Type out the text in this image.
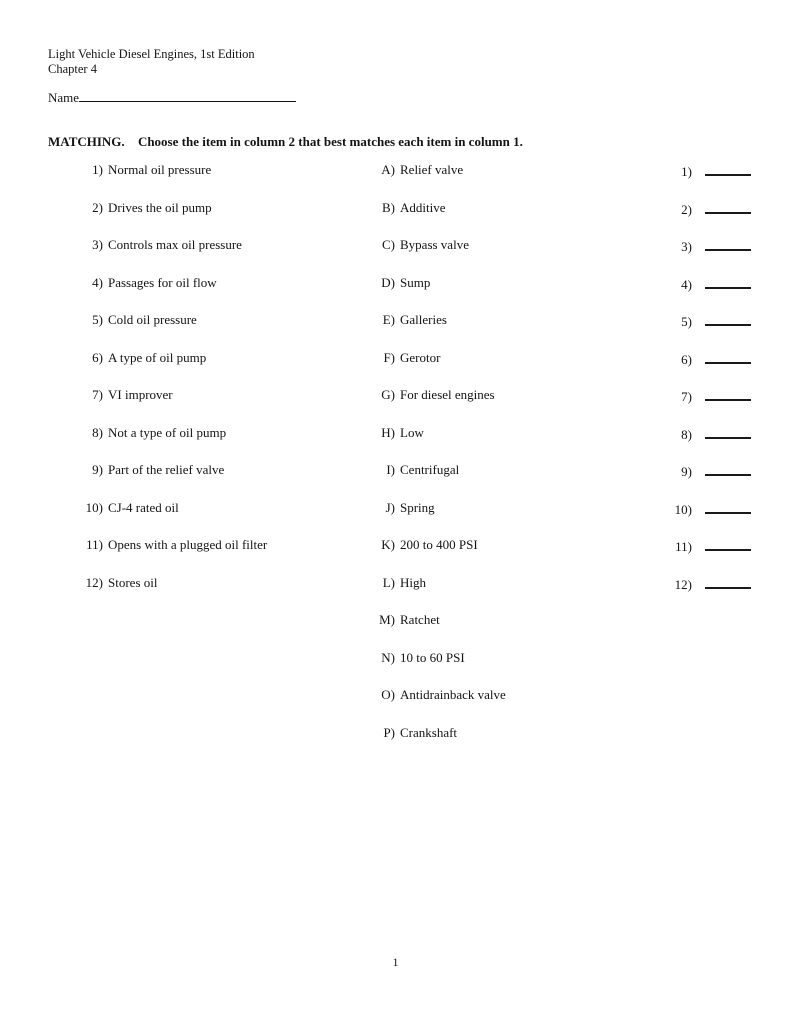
Light Vehicle Diesel Engines, 1st Edition
Chapter 4
Name
MATCHING. Choose the item in column 2 that best matches each item in column 1.
1) Normal oil pressure	A) Relief valve	1)
2) Drives the oil pump	B) Additive	2)
3) Controls max oil pressure	C) Bypass valve	3)
4) Passages for oil flow	D) Sump	4)
5) Cold oil pressure	E) Galleries	5)
6) A type of oil pump	F) Gerotor	6)
7) VI improver	G) For diesel engines	7)
8) Not a type of oil pump	H) Low	8)
9) Part of the relief valve	I) Centrifugal	9)
10) CJ-4 rated oil	J) Spring	10)
11) Opens with a plugged oil filter	K) 200 to 400 PSI	11)
12) Stores oil	L) High	12)
M) Ratchet
N) 10 to 60 PSI
O) Antidrainback valve
P) Crankshaft
1
